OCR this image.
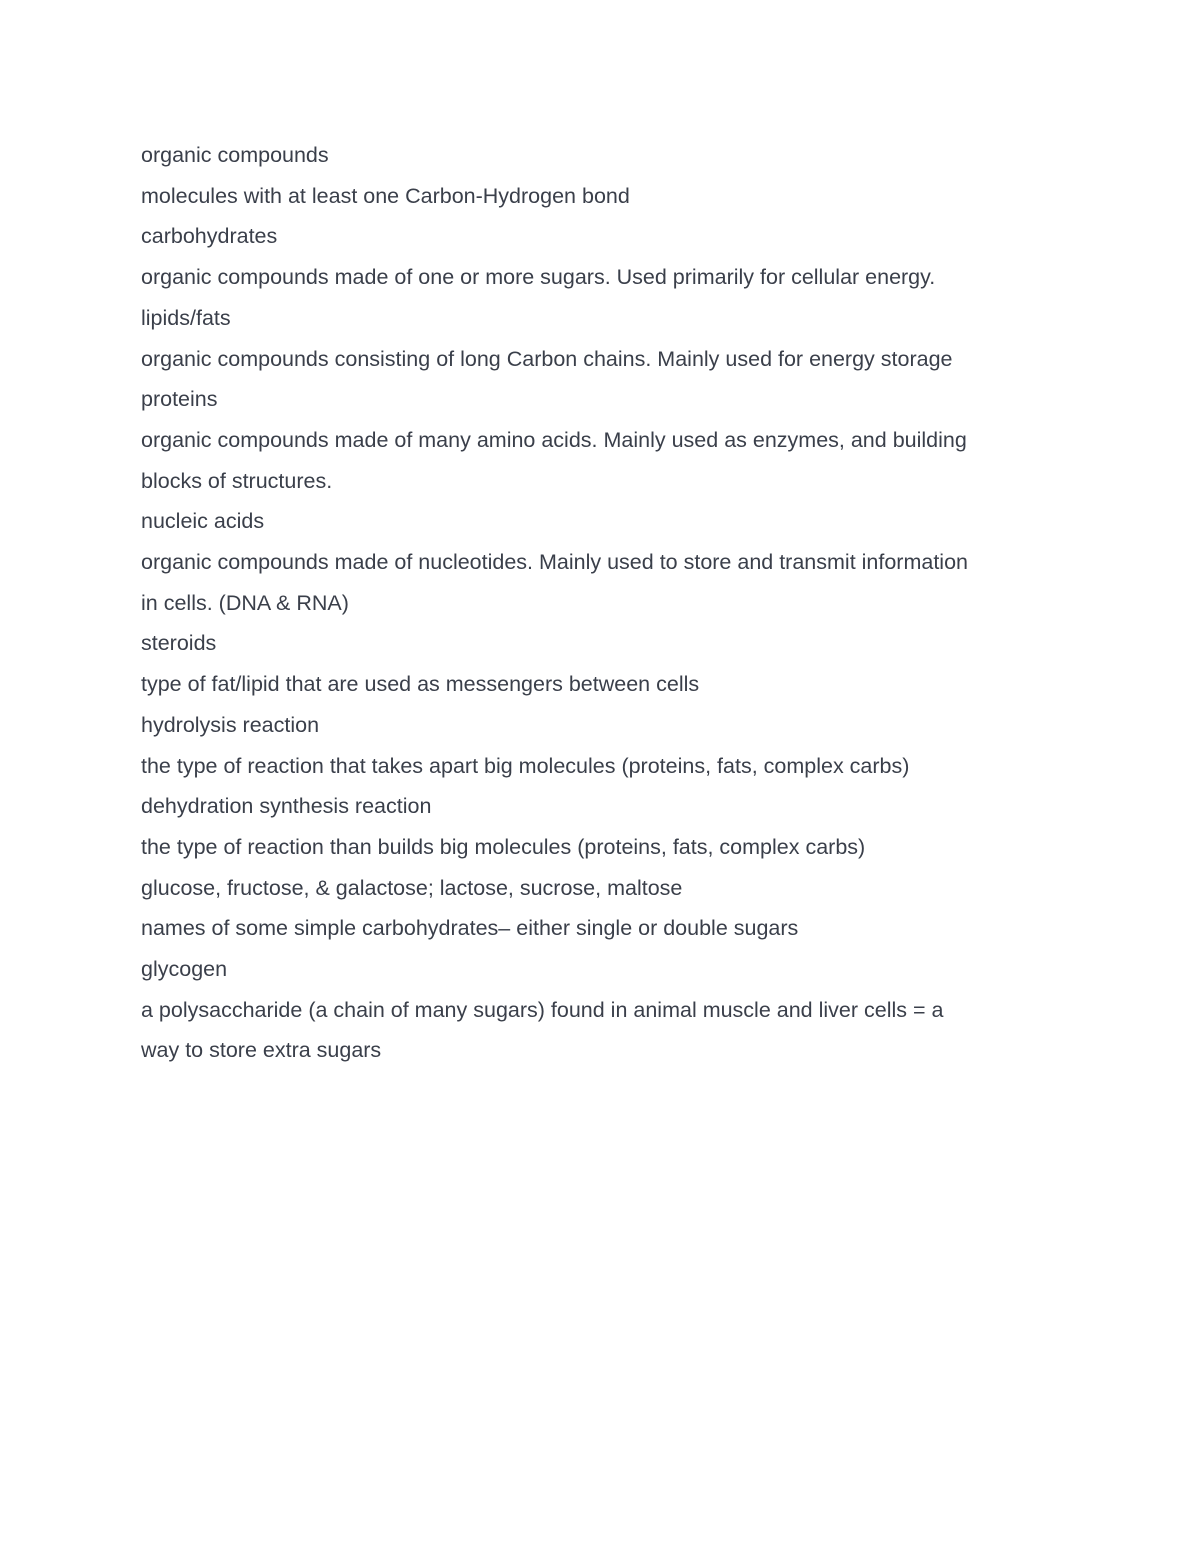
organic compounds
molecules with at least one Carbon-Hydrogen bond
carbohydrates
organic compounds made of one or more sugars. Used primarily for cellular energy.
lipids/fats
organic compounds consisting of long Carbon chains. Mainly used for energy storage
proteins
organic compounds made of many amino acids. Mainly used as enzymes, and building
blocks of structures.
nucleic acids
organic compounds made of nucleotides. Mainly used to store and transmit information
in cells. (DNA & RNA)
steroids
type of fat/lipid that are used as messengers between cells
hydrolysis reaction
the type of reaction that takes apart big molecules (proteins, fats, complex carbs)
dehydration synthesis reaction
the type of reaction than builds big molecules (proteins, fats, complex carbs)
glucose, fructose, & galactose; lactose, sucrose, maltose
names of some simple carbohydrates– either single or double sugars
glycogen
a polysaccharide (a chain of many sugars) found in animal muscle and liver cells = a
way to store extra sugars
